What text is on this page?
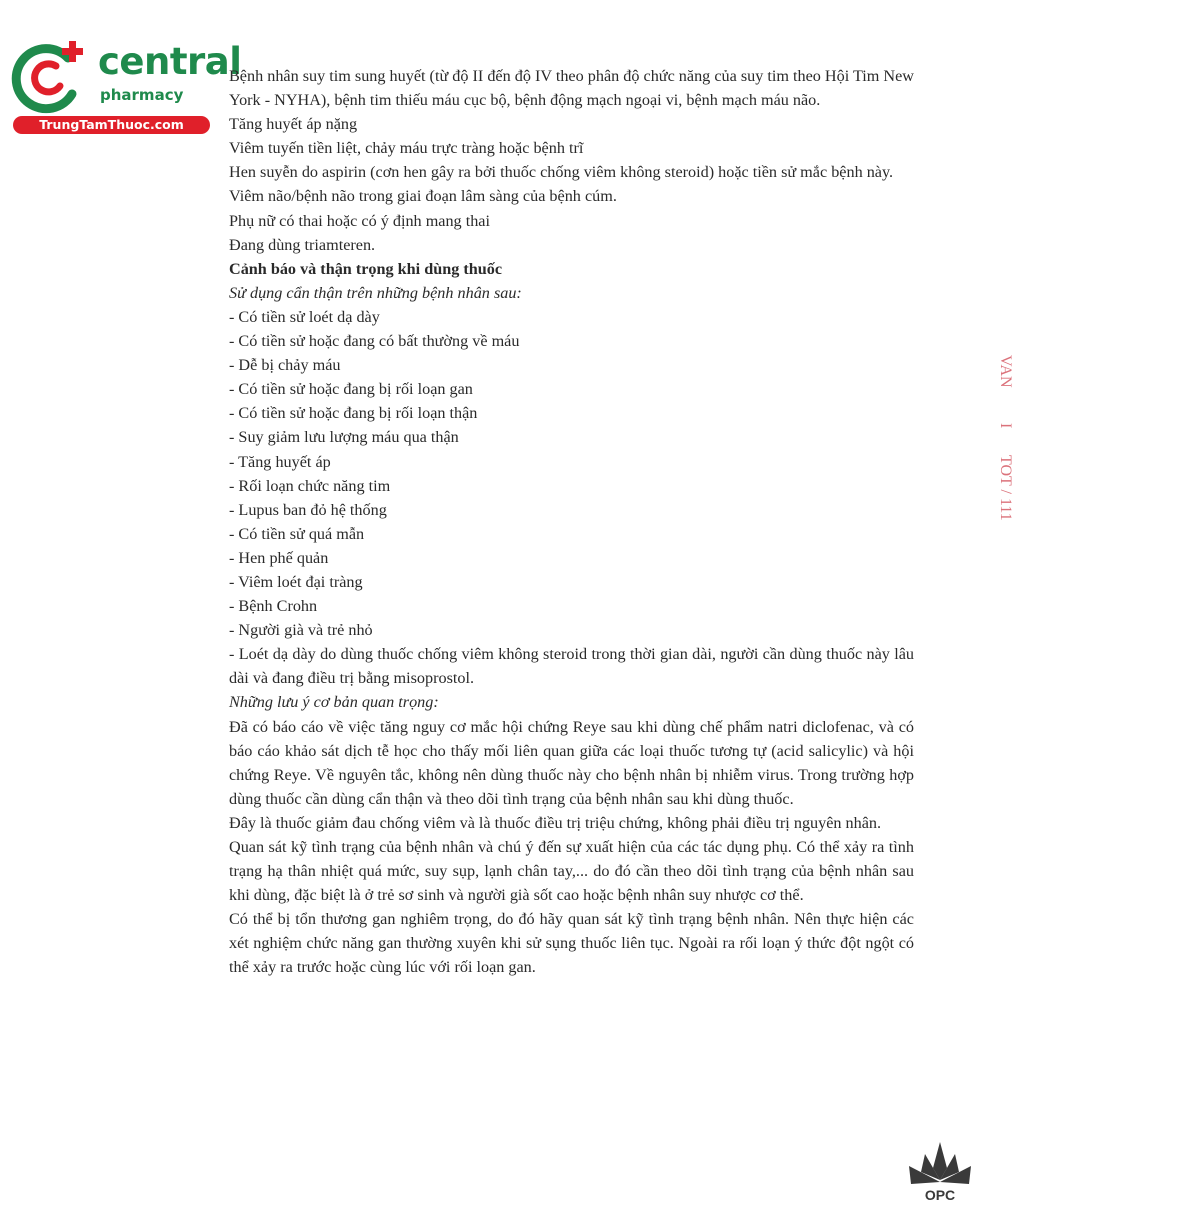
central
pharmacy
TrungTamThuoc.com

Bệnh nhân suy tim sung huyết (từ độ II đến độ IV theo phân độ chức năng của suy tim theo Hội Tim New York - NYHA), bệnh tim thiếu máu cục bộ, bệnh động mạch ngoại vi, bệnh mạch máu não.

Tăng huyết áp nặng

Viêm tuyến tiền liệt, chảy máu trực tràng hoặc bệnh trĩ

Hen suyễn do aspirin (cơn hen gây ra bởi thuốc chống viêm không steroid) hoặc tiền sử mắc bệnh này.

Viêm não/bệnh não trong giai đoạn lâm sàng của bệnh cúm.

Phụ nữ có thai hoặc có ý định mang thai

Đang dùng triamteren.

Cảnh báo và thận trọng khi dùng thuốc

Sử dụng cẩn thận trên những bệnh nhân sau:

- Có tiền sử loét dạ dày

- Có tiền sử hoặc đang có bất thường về máu

- Dễ bị chảy máu

- Có tiền sử hoặc đang bị rối loạn gan

- Có tiền sử hoặc đang bị rối loạn thận

- Suy giảm lưu lượng máu qua thận

- Tăng huyết áp

- Rối loạn chức năng tim

- Lupus ban đỏ hệ thống

- Có tiền sử quá mẫn

- Hen phế quản

- Viêm loét đại tràng

- Bệnh Crohn

- Người già và trẻ nhỏ

- Loét dạ dày do dùng thuốc chống viêm không steroid trong thời gian dài, người cần dùng thuốc này lâu dài và đang điều trị bằng misoprostol.

Những lưu ý cơ bản quan trọng:

Đã có báo cáo về việc tăng nguy cơ mắc hội chứng Reye sau khi dùng chế phẩm natri diclofenac, và có báo cáo khảo sát dịch tễ học cho thấy mối liên quan giữa các loại thuốc tương tự (acid salicylic) và hội chứng Reye. Về nguyên tắc, không nên dùng thuốc này cho bệnh nhân bị nhiễm virus. Trong trường hợp dùng thuốc cần dùng cẩn thận và theo dõi tình trạng của bệnh nhân sau khi dùng thuốc.

Đây là thuốc giảm đau chống viêm và là thuốc điều trị triệu chứng, không phải điều trị nguyên nhân.

Quan sát kỹ tình trạng của bệnh nhân và chú ý đến sự xuất hiện của các tác dụng phụ. Có thể xảy ra tình trạng hạ thân nhiệt quá mức, suy sụp, lạnh chân tay,... do đó cần theo dõi tình trạng của bệnh nhân sau khi dùng, đặc biệt là ở trẻ sơ sinh và người già sốt cao hoặc bệnh nhân suy nhược cơ thể.

Có thể bị tổn thương gan nghiêm trọng, do đó hãy quan sát kỹ tình trạng bệnh nhân. Nên thực hiện các xét nghiệm chức năng gan thường xuyên khi sử sụng thuốc liên tục. Ngoài ra rối loạn ý thức đột ngột có thể xảy ra trước hoặc cùng lúc với rối loạn gan.

VAN
I
TOT / 111
OPC
